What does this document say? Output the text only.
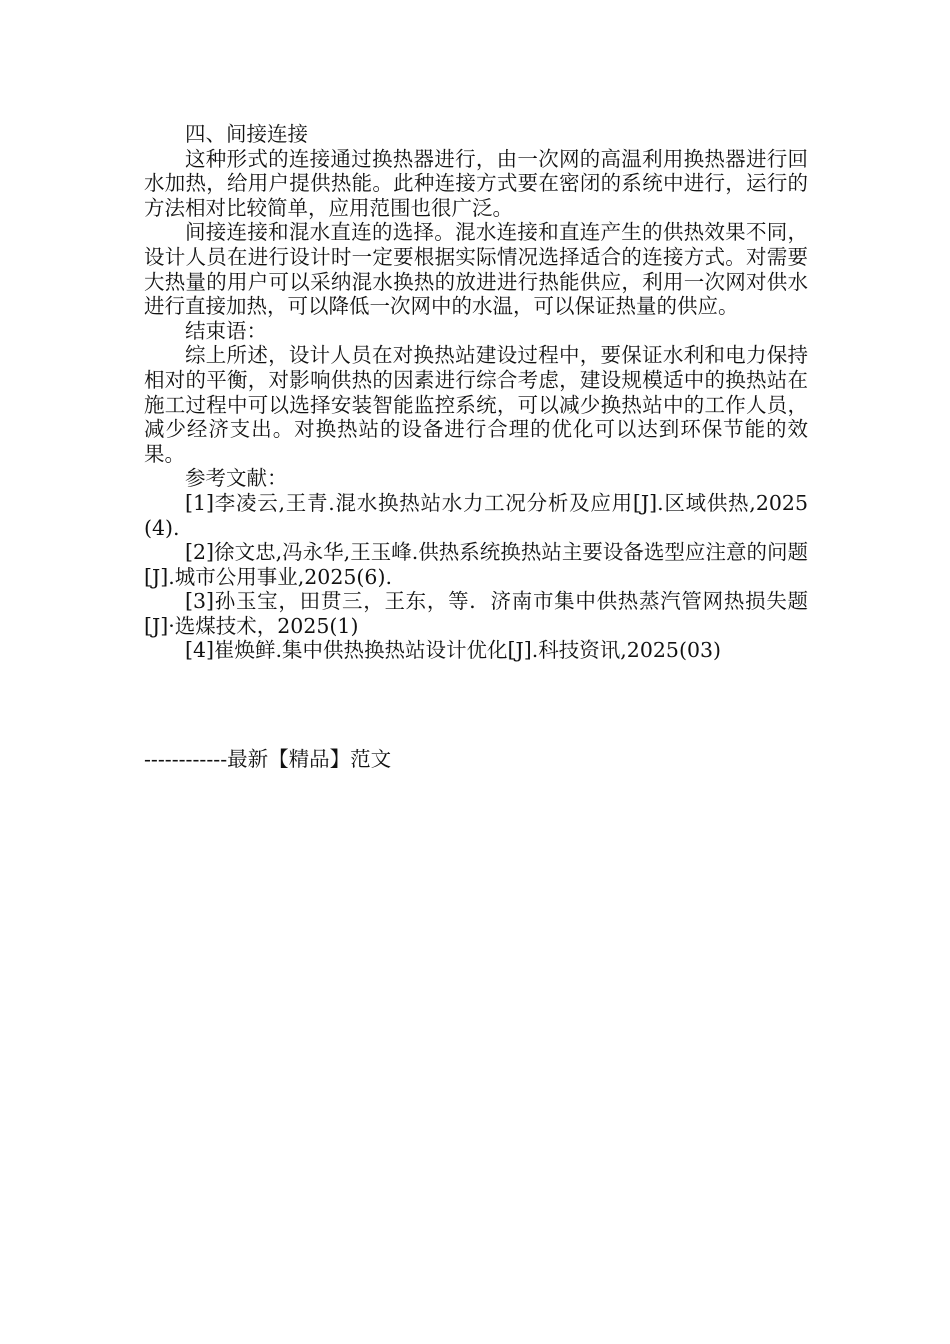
四、间接连接

这种形式的连接通过换热器进行，由一次网的高温利用换热器进行回水加热，给用户提供热能。此种连接方式要在密闭的系统中进行，运行的方法相对比较简单，应用范围也很广泛。

间接连接和混水直连的选择。混水连接和直连产生的供热效果不同，设计人员在进行设计时一定要根据实际情况选择适合的连接方式。对需要大热量的用户可以采纳混水换热的放进进行热能供应，利用一次网对供水进行直接加热，可以降低一次网中的水温，可以保证热量的供应。

结束语：

综上所述，设计人员在对换热站建设过程中，要保证水利和电力保持相对的平衡，对影响供热的因素进行综合考虑，建设规模适中的换热站在施工过程中可以选择安装智能监控系统，可以减少换热站中的工作人员，减少经济支出。对换热站的设备进行合理的优化可以达到环保节能的效果。

参考文献：

[1]李凌云,王青.混水换热站水力工况分析及应用[J].区域供热,2025(4).

[2]徐文忠,冯永华,王玉峰.供热系统换热站主要设备选型应注意的问题[J].城市公用事业,2025(6).

[3]孙玉宝，田贯三，王东，等．济南市集中供热蒸汽管网热损失题[J]·选煤技术，2025(1)

[4]崔焕鲜.集中供热换热站设计优化[J].科技资讯,2025(03)

------------最新【精品】范文
